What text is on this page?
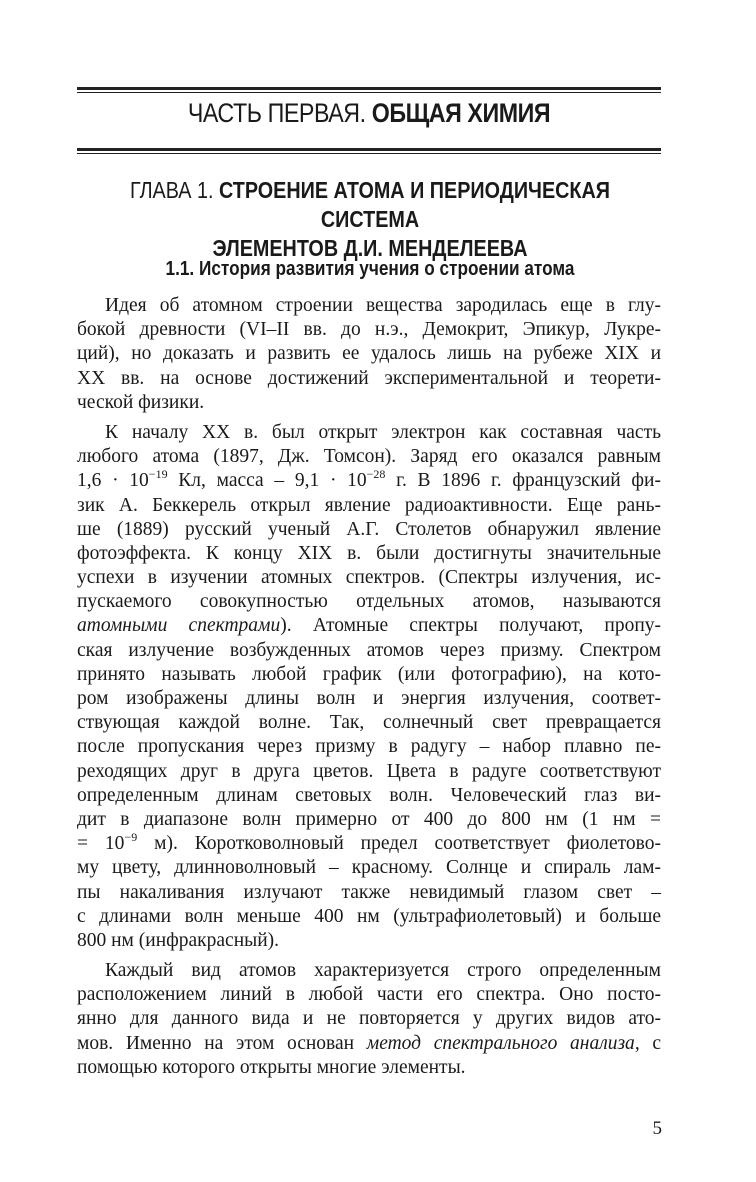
ЧАСТЬ ПЕРВАЯ. ОБЩАЯ ХИМИЯ
ГЛАВА 1. СТРОЕНИЕ АТОМА И ПЕРИОДИЧЕСКАЯ СИСТЕМА
ЭЛЕМЕНТОВ Д.И. МЕНДЕЛЕЕВА
1.1. История развития учения о строении атома
Идея об атомном строении вещества зародилась еще в глу-
бокой древности (VI–II вв. до н.э., Демокрит, Эпикур, Лукре-
ций), но доказать и развить ее удалось лишь на рубеже XIX и
XX вв. на основе достижений экспериментальной и теорети-
ческой физики.
К началу XX в. был открыт электрон как составная часть
любого атома (1897, Дж. Томсон). Заряд его оказался равным
$1,6 \cdot 10^{-19}$ Кл, масса – $9,1 \cdot 10^{-28}$ г. В 1896 г. французский фи-
зик А. Беккерель открыл явление радиоактивности. Еще рань-
ше (1889) русский ученый А.Г. Столетов обнаружил явление
фотоэффекта. К концу XIX в. были достигнуты значительные
успехи в изучении атомных спектров. (Спектры излучения, ис-
пускаемого совокупностью отдельных атомов, называются
атомными спектрами). Атомные спектры получают, пропу-
ская излучение возбужденных атомов через призму. Спектром
принято называть любой график (или фотографию), на кото-
ром изображены длины волн и энергия излучения, соответ-
ствующая каждой волне. Так, солнечный свет превращается
после пропускания через призму в радугу – набор плавно пе-
реходящих друг в друга цветов. Цвета в радуге соответствуют
определенным длинам световых волн. Человеческий глаз ви-
дит в диапазоне волн примерно от 400 до 800 нм (1 нм =
= $10^{-9}$ м). Коротковолновый предел соответствует фиолетово-
му цвету, длинноволновый – красному. Солнце и спираль лам-
пы накаливания излучают также невидимый глазом свет –
с длинами волн меньше 400 нм (ультрафиолетовый) и больше
800 нм (инфракрасный).
Каждый вид атомов характеризуется строго определенным
расположением линий в любой части его спектра. Оно посто-
янно для данного вида и не повторяется у других видов ато-
мов. Именно на этом основан метод спектрального анализа, с
помощью которого открыты многие элементы.
5
